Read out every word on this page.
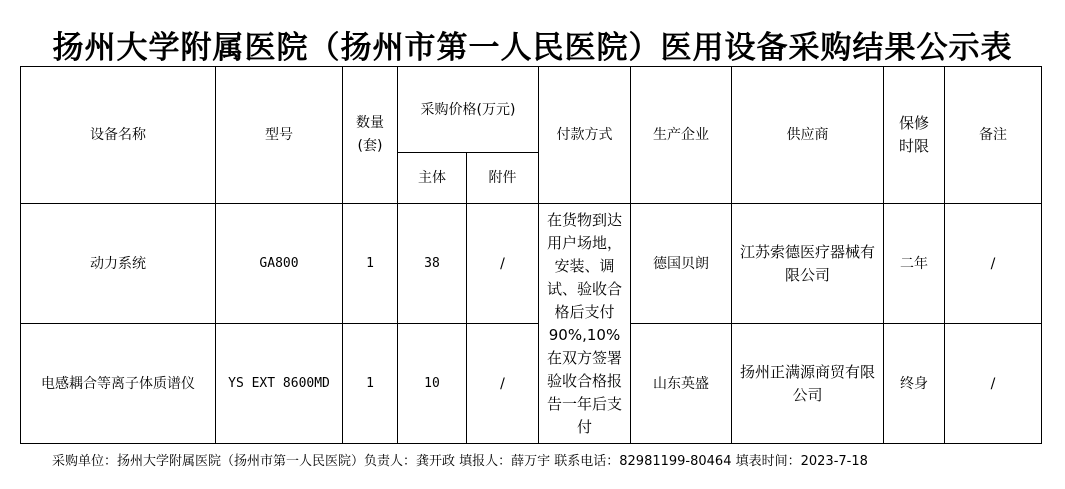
扬州大学附属医院（扬州市第一人民医院）医用设备采购结果公示表
设备名称	型号	数量(套)	采购价格(万元)		付款方式	生产企业	供应商	保修时限	备注
			主体	附件					
动力系统	GA800	1	38	/	在货物到达用户场地，安装、调试、验收合格后支付 90%,10%在双方签署验收合格报告一年后支付	德国贝朗	江苏索德医疗器械有限公司	二年	/
电感耦合等离子体质谱仪	YS EXT 8600MD	1	10	/		山东英盛	扬州正满源商贸有限公司	终身	/
采购单位：扬州大学附属医院（扬州市第一人民医院）负责人：龚开政 填报人：薛万宇 联系电话：82981199-80464 填表时间：2023-7-18
